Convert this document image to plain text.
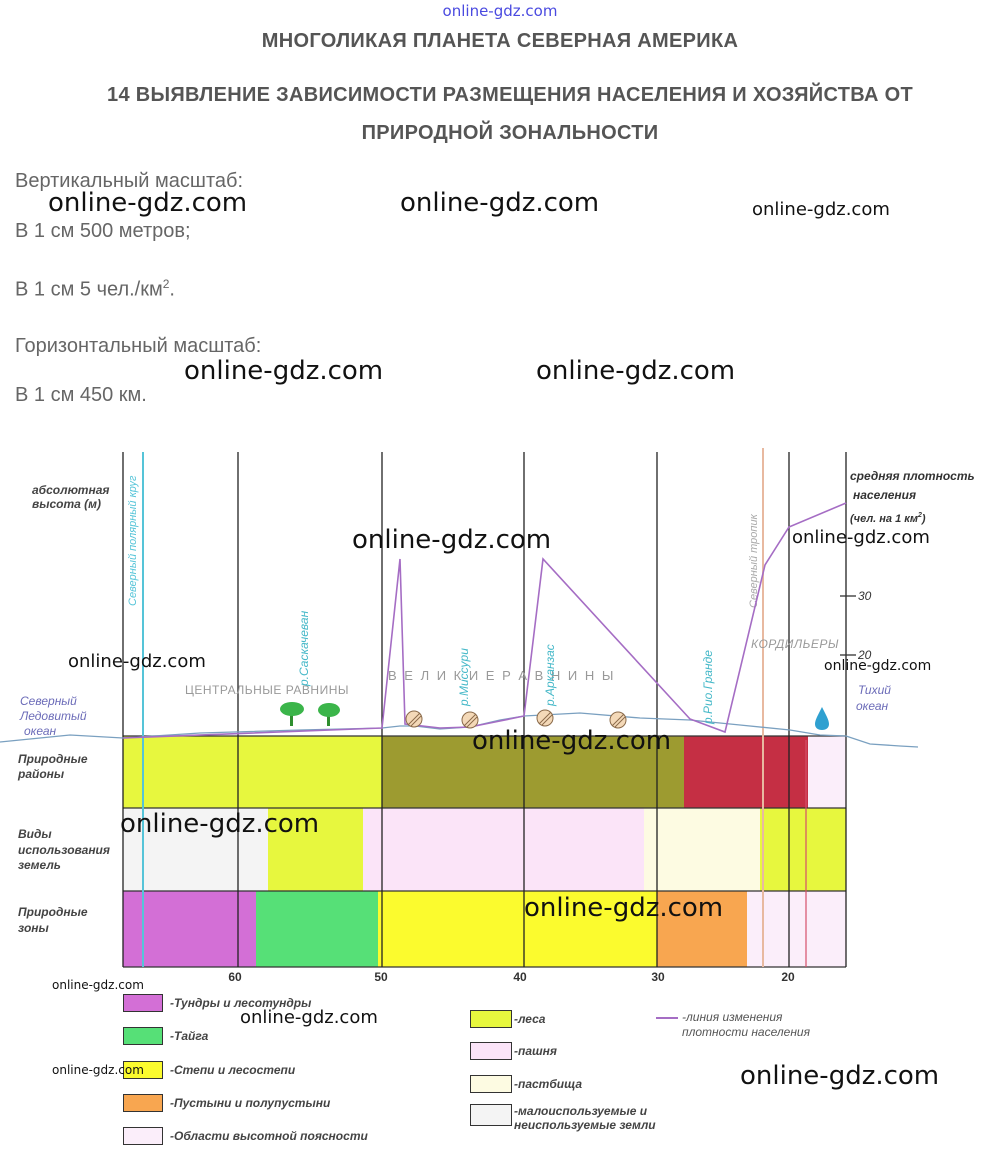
online-gdz.com
МНОГОЛИКАЯ ПЛАНЕТА СЕВЕРНАЯ АМЕРИКА
14 ВЫЯВЛЕНИЕ ЗАВИСИМОСТИ РАЗМЕЩЕНИЯ НАСЕЛЕНИЯ И ХОЗЯЙСТВА ОТ
ПРИРОДНОЙ ЗОНАЛЬНОСТИ
Вертикальный масштаб:
В 1 см 500 метров;
В 1 см 5 $чел./км^2$.
Горизонтальный масштаб:
В 1 см 450 км.
абсолютная
высота (м)
Природные
районы
Виды
использования
земель
Природные
зоны
Северный полярный круг	Северный тропик
средняя плотность
населения
(чел. на 1 $км^2$)
30
20
Северный
Ледовитый
океан
Тихий
океан
ЦЕНТРАЛЬНЫЕ РАВНИНЫ
В Е Л И К И Е Р А В Н И Н Ы
КОРДИЛЬЕРЫ
р.Саскачеван	р.Миссури	р.Арканзас	р.Рио.Гранде
60	50	40	30	20
-Тундры и лесотундры
-Тайга
-Степи и лесостепи
-Пустыни и полупустыни
-Области высотной поясности
-леса
-пашня
-пастбища
-малоиспользуемые и
неиспользуемые земли
-линия изменения
плотности населения
online-gdz.com	online-gdz.com	online-gdz.com
online-gdz.com	online-gdz.com
online-gdz.com	online-gdz.com
online-gdz.com	online-gdz.com
online-gdz.com
online-gdz.com
online-gdz.com
online-gdz.com
online-gdz.com
online-gdz.com	online-gdz.com
